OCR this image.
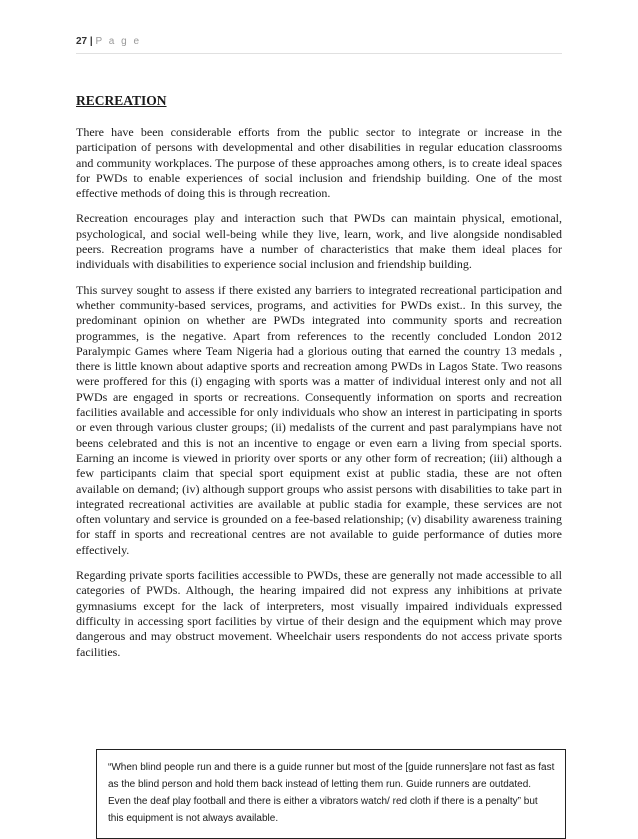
27 | P a g e
RECREATION

There have been considerable efforts from the public sector to integrate or increase in the participation of persons with developmental and other disabilities in regular education classrooms and community workplaces. The purpose of these approaches among others, is to create ideal spaces for PWDs to enable experiences of social inclusion and friendship building. One of the most effective methods of doing this is through recreation.

Recreation encourages play and interaction such that PWDs can maintain physical, emotional, psychological, and social well-being while they live, learn, work, and live alongside nondisabled peers. Recreation programs have a number of characteristics that make them ideal places for individuals with disabilities to experience social inclusion and friendship building.

This survey sought to assess if there existed any barriers to integrated recreational participation and whether community-based services, programs, and activities for PWDs exist.. In this survey, the predominant opinion on whether are PWDs integrated into community sports and recreation programmes, is the negative. Apart from references to the recently concluded London 2012 Paralympic Games where Team Nigeria had a glorious outing that earned the country 13 medals , there is little known about adaptive sports and recreation among PWDs in Lagos State. Two reasons were proffered for this (i) engaging with sports was a matter of individual interest only and not all PWDs are engaged in sports or recreations. Consequently information on sports and recreation facilities available and accessible for only individuals who show an interest in participating in sports or even through various cluster groups; (ii) medalists of the current and past paralympians have not beens celebrated and this is not an incentive to engage or even earn a living from special sports. Earning an income is viewed in priority over sports or any other form of recreation; (iii) although a few participants claim that special sport equipment exist at public stadia, these are not often available on demand; (iv) although support groups who assist persons with disabilities to take part in integrated recreational activities are available at public stadia for example, these services are not often voluntary and service is grounded on a fee-based relationship; (v) disability awareness training for staff in sports and recreational centres are not available to guide performance of duties more effectively.

Regarding private sports facilities accessible to PWDs, these are generally not made accessible to all categories of PWDs. Although, the hearing impaired did not express any inhibitions at private gymnasiums except for the lack of interpreters, most visually impaired individuals expressed difficulty in accessing sport facilities by virtue of their design and the equipment which may prove dangerous and may obstruct movement. Wheelchair users respondents do not access private sports facilities.

“When blind people run and there is a guide runner but most of the [guide runners]are not fast as fast as the blind person and hold them back instead of letting them run. Guide runners are outdated. Even the deaf play football and there is either a vibrators watch/ red cloth if there is a penalty” but this equipment is not always available.
